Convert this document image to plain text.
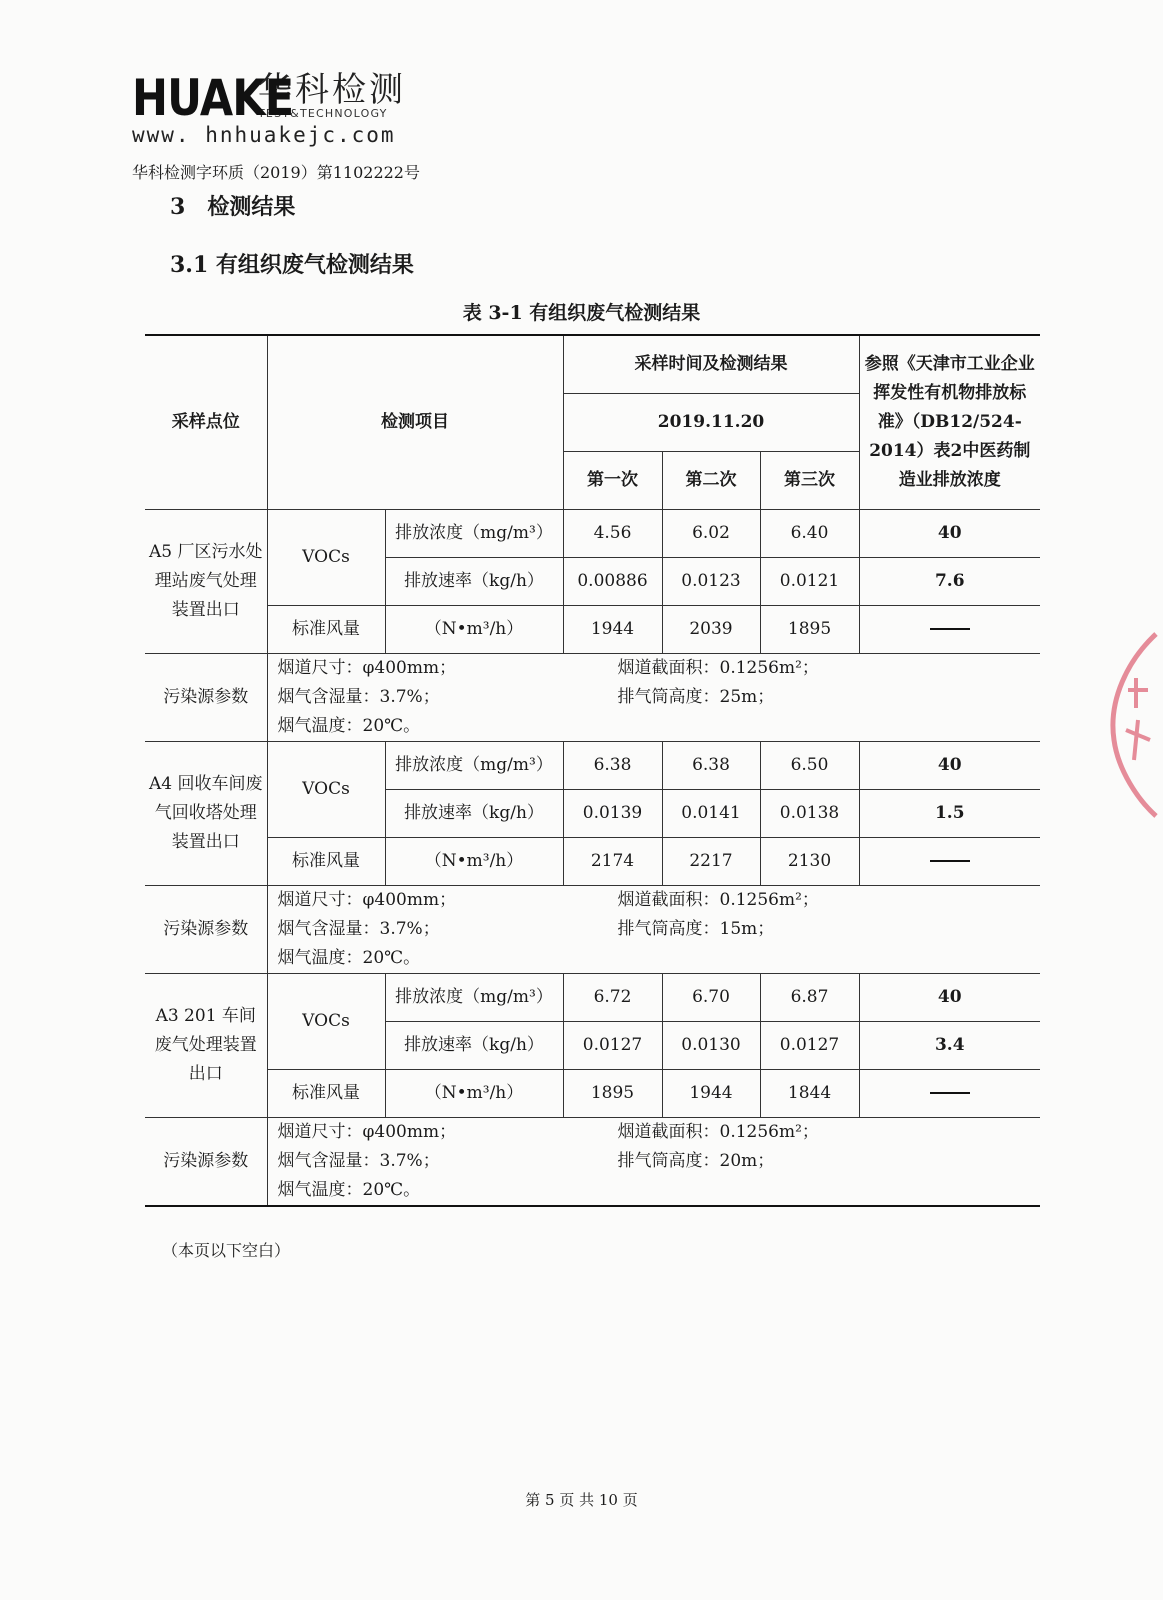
HUAKE
华科检测
TEST&TECHNOLOGY
www. hnhuakejc.com
华科检测字环质（2019）第1102222号
3 检测结果
3.1 有组织废气检测结果
表 3-1 有组织废气检测结果
采样点位	检测项目		采样时间及检测结果			参照《天津市工业企业挥发性有机物排放标准》（DB12/524-2014）表2中医药制造业排放浓度
			2019.11.20			
			第一次	第二次	第三次	
A5 厂区污水处理站废气处理装置出口	VOCs	排放浓度（mg/m³）	4.56	6.02	6.40	40
		排放速率（kg/h）	0.00886	0.0123	0.0121	7.6
	标准风量	（N•m³/h）	1944	2039	1895	
污染源参数	烟道尺寸：φ400mm； 烟道截面积：0.1256m²；
烟气含湿量：3.7%； 排气筒高度：25m；
烟气温度：20℃。					

A4 回收车间废气回收塔处理装置出口	VOCs	排放浓度（mg/m³）	6.38	6.38	6.50	40
		排放速率（kg/h）	0.0139	0.0141	0.0138	1.5
	标准风量	（N•m³/h）	2174	2217	2130	
污染源参数	烟道尺寸：φ400mm； 烟道截面积：0.1256m²；
烟气含湿量：3.7%； 排气筒高度：15m；
烟气温度：20℃。					

A3 201 车间废气处理装置出口	VOCs	排放浓度（mg/m³）	6.72	6.70	6.87	40
		排放速率（kg/h）	0.0127	0.0130	0.0127	3.4
	标准风量	（N•m³/h）	1895	1944	1844	
污染源参数	烟道尺寸：φ400mm； 烟道截面积：0.1256m²；
烟气含湿量：3.7%； 排气筒高度：20m；
烟气温度：20℃。					
（本页以下空白）
第 5 页 共 10 页
